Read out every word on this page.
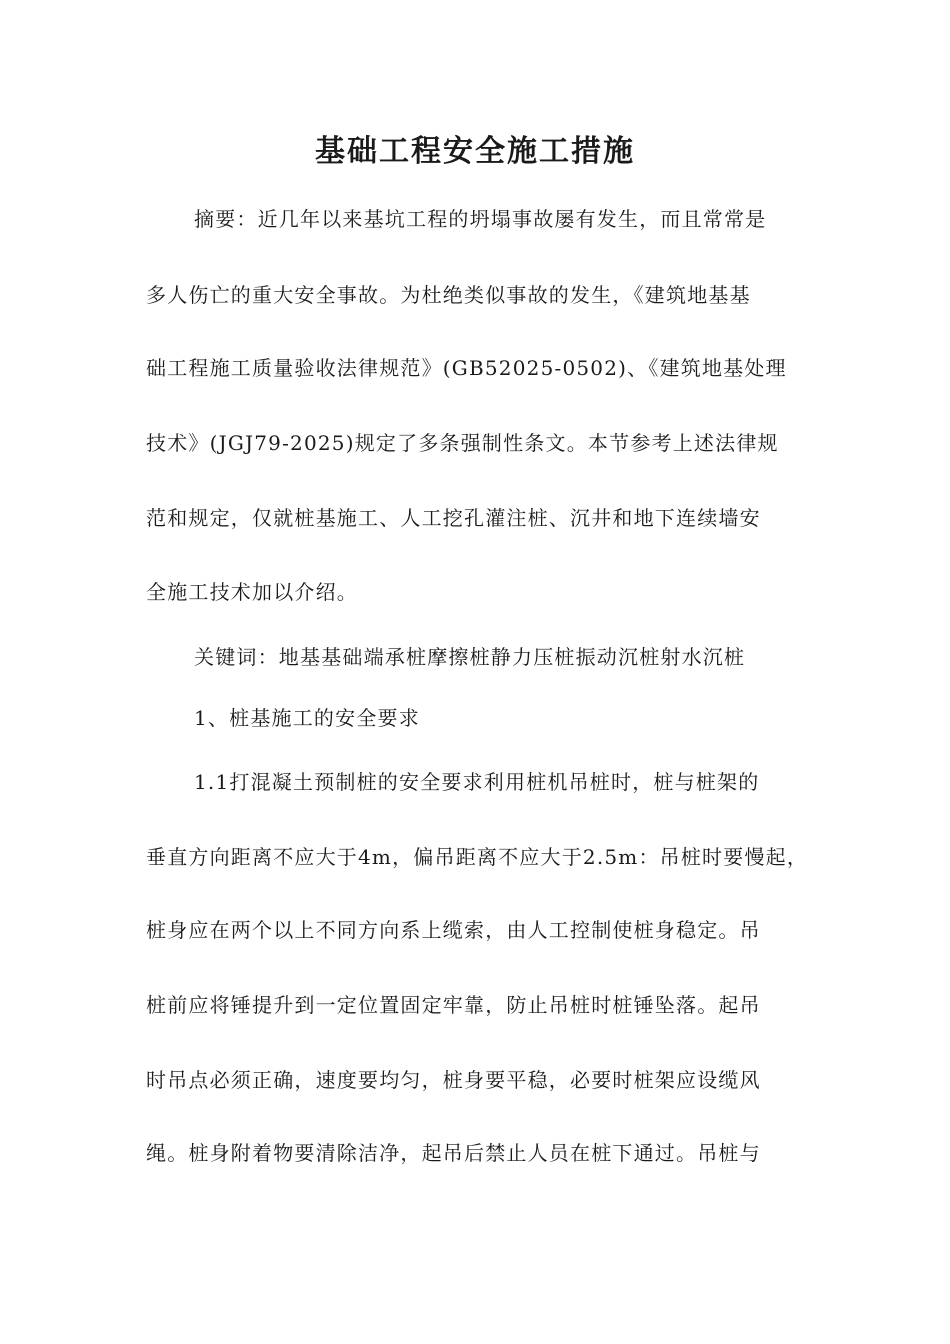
基础工程安全施工措施

摘要：近几年以来基坑工程的坍塌事故屡有发生，而且常常是

多人伤亡的重大安全事故。为杜绝类似事故的发生，《建筑地基基

础工程施工质量验收法律规范》(GB52025-0502)、《建筑地基处理

技术》(JGJ79-2025)规定了多条强制性条文。本节参考上述法律规

范和规定，仅就桩基施工、人工挖孔灌注桩、沉井和地下连续墙安

全施工技术加以介绍。

关键词：地基基础端承桩摩擦桩静力压桩振动沉桩射水沉桩

1、桩基施工的安全要求

1.1打混凝土预制桩的安全要求利用桩机吊桩时，桩与桩架的

垂直方向距离不应大于4m，偏吊距离不应大于2.5m：吊桩时要慢起，

桩身应在两个以上不同方向系上缆索，由人工控制使桩身稳定。吊

桩前应将锤提升到一定位置固定牢靠，防止吊桩时桩锤坠落。起吊

时吊点必须正确，速度要均匀，桩身要平稳，必要时桩架应设缆风

绳。桩身附着物要清除洁净，起吊后禁止人员在桩下通过。吊桩与
